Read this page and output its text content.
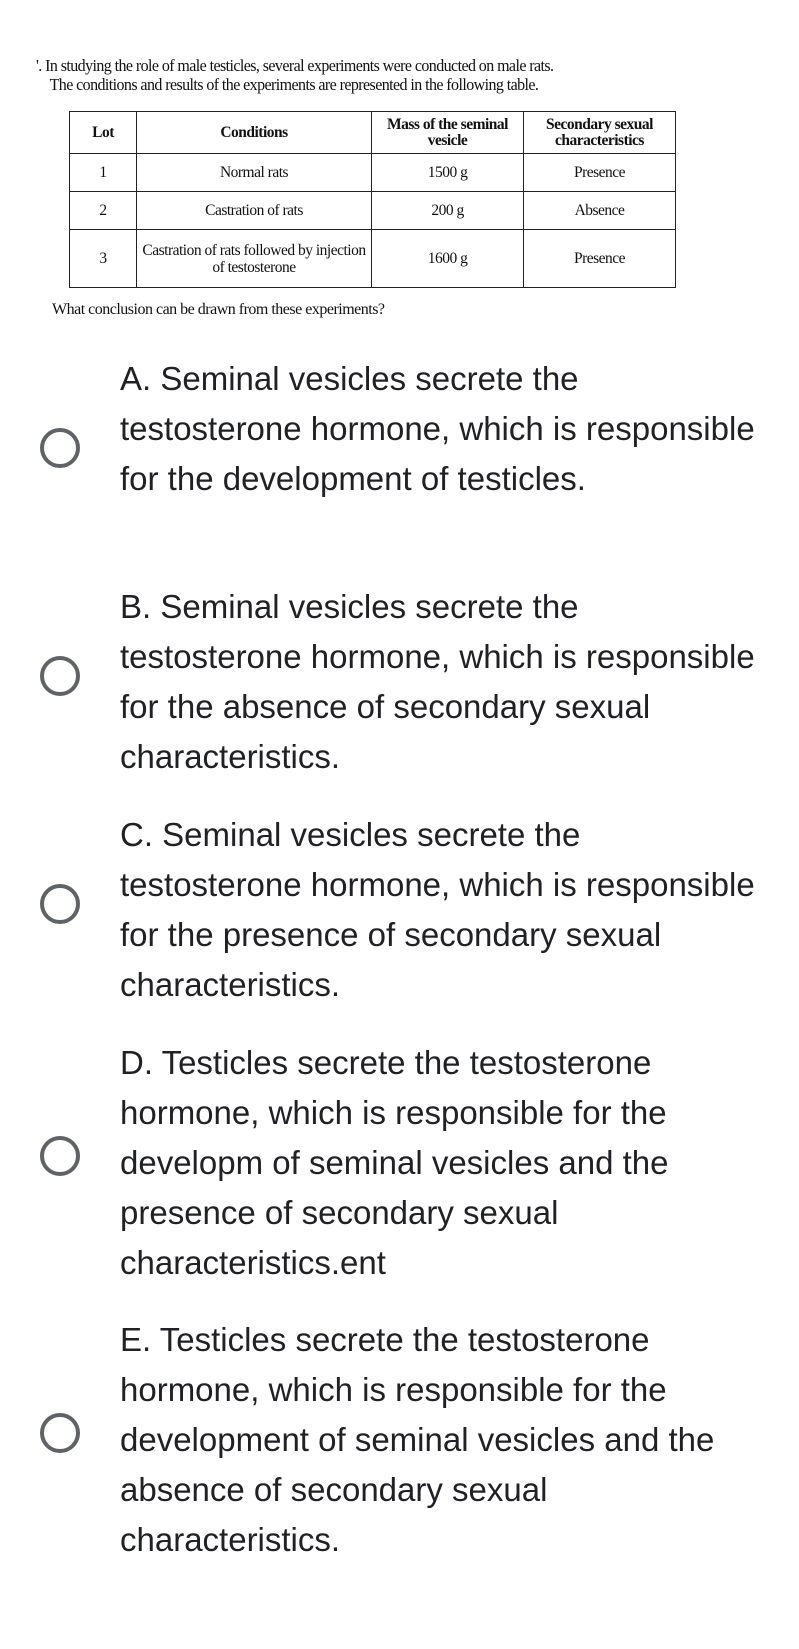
'. In studying the role of male testicles, several experiments were conducted on male rats.
The conditions and results of the experiments are represented in the following table.
Lot	Conditions	Mass of the seminal vesicle	Secondary sexual characteristics
1	Normal rats	1500 g	Presence
2	Castration of rats	200 g	Absence
3	Castration of rats followed by injection of testosterone	1600 g	Presence
What conclusion can be drawn from these experiments?
A. Seminal vesicles secrete the testosterone hormone, which is responsible for the development of testicles.
B. Seminal vesicles secrete the testosterone hormone, which is responsible for the absence of secondary sexual characteristics.
C. Seminal vesicles secrete the testosterone hormone, which is responsible for the presence of secondary sexual characteristics.
D. Testicles secrete the testosterone hormone, which is responsible for the developm of seminal vesicles and the presence of secondary sexual characteristics.ent
E. Testicles secrete the testosterone hormone, which is responsible for the development of seminal vesicles and the absence of secondary sexual characteristics.
